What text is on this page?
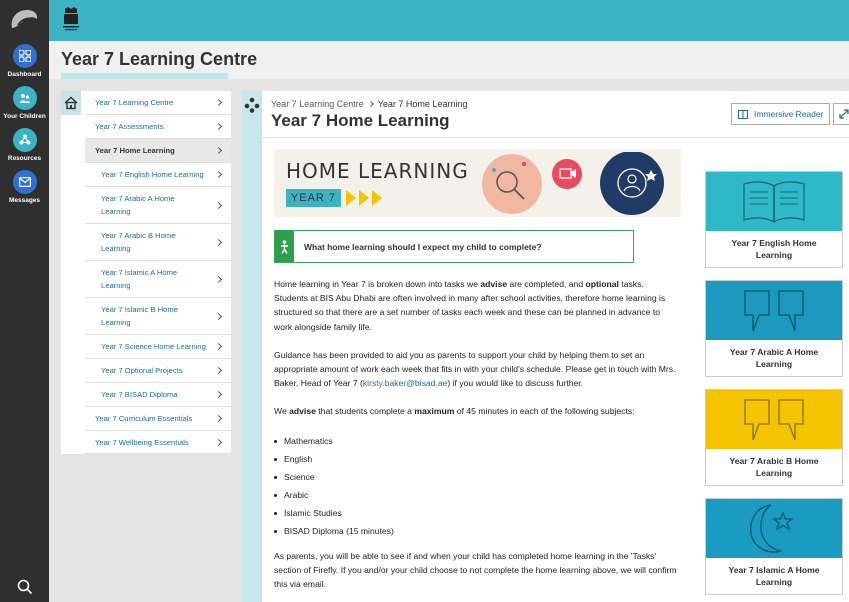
Dashboard
Your Children
Resources
Messages
Year 7 Learning Centre
Year 7 Learning Centre
Year 7 Assessments
Year 7 Home Learning
Year 7 English Home Learning
Year 7 Arabic A Home Learning
Year 7 Arabic B Home Learning
Year 7 Islamic A Home Learning
Year 7 Islamic B Home Learning
Year 7 Science Home Learning
Year 7 Optional Projects
Year 7 BISAD Diploma
Year 7 Curriculum Essentials
Year 7 Wellbeing Essentials
Year 7 Learning Centre Year 7 Home Learning
Year 7 Home Learning	Immersive Reader
HOME LEARNING
YEAR 7
What home learning should I expect my child to complete?

Home learning in Year 7 is broken down into tasks we advise are completed, and optional tasks. Students at BIS Abu Dhabi are often involved in many after school activities, therefore home learning is structured so that there are a set number of tasks each week and these can be planned in advance to work alongside family life.

Guidance has been provided to aid you as parents to support your child by helping them to set an appropriate amount of work each week that fits in with your child's schedule. Please get in touch with Mrs. Baker, Head of Year 7 (kirsty.baker@bisad.ae) if you would like to discuss further.

We advise that students complete a maximum of 45 minutes in each of the following subjects:

Mathematics
English
Science
Arabic
Islamic Studies
BISAD Diploma (15 minutes)

As parents, you will be able to see if and when your child has completed home learning in the 'Tasks' section of Firefly. If you and/or your child choose to not complete the home learning above, we will confirm this via email.

Year 7 English Home Learning
Year 7 Arabic A Home Learning
Year 7 Arabic B Home Learning
Year 7 Islamic A Home Learning
